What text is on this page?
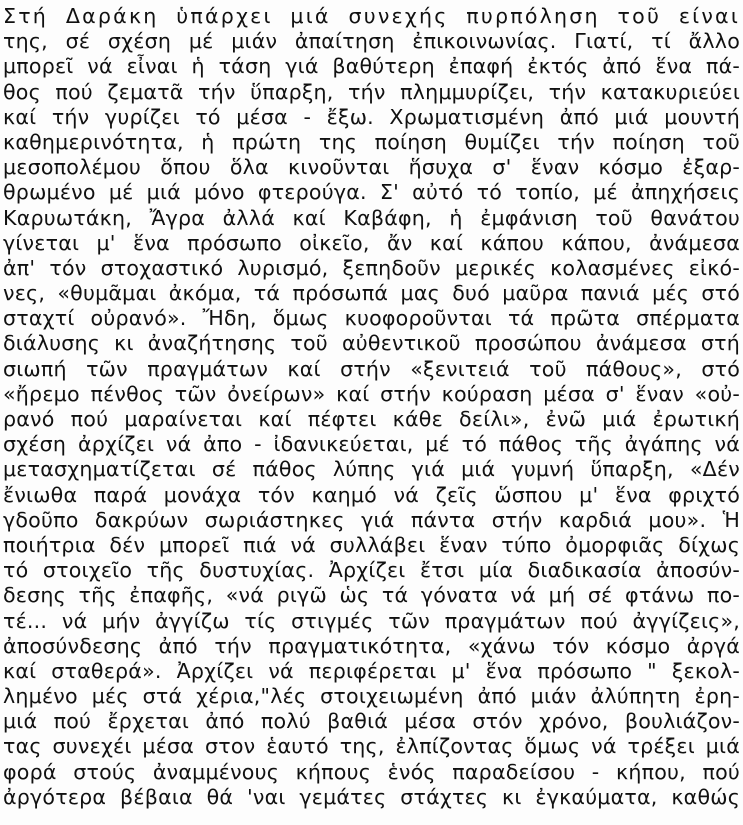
Στή Δαράκη ὑπάρχει μιά συνεχής πυρπόληση τοῦ είναι
της, σέ σχέση μέ μιάν ἀπαίτηση ἐπικοινωνίας. Γιατί, τί ἄλλο
μπορεῖ νά εἶναι ἡ τάση γιά βαθύτερη ἐπαφή ἐκτός ἀπό ἕνα πά-
θος πού ζεματᾶ τήν ὕπαρξη, τήν πλημμυρίζει, τήν κατακυριεύει
καί τήν γυρίζει τό μέσα - ἔξω. Χρωματισμένη ἀπό μιά μουντή
καθημερινότητα, ἡ πρώτη της ποίηση θυμίζει τήν ποίηση τοῦ
μεσοπολέμου ὅπου ὅλα κινοῦνται ἥσυχα σ' ἕναν κόσμο ἐξαρ-
θρωμένο μέ μιά μόνο φτερούγα. Σ' αὐτό τό τοπίο, μέ ἀπηχήσεις
Καρυωτάκη, Ἄγρα ἀλλά καί Καβάφη, ἡ ἐμφάνιση τοῦ θανάτου
γίνεται μ' ἕνα πρόσωπο οἰκεῖο, ἄν καί κάπου κάπου, ἀνάμεσα
ἀπ' τόν στοχαστικό λυρισμό, ξεπηδοῦν μερικές κολασμένες εἰκό-
νες, «θυμᾶμαι ἀκόμα, τά πρόσωπά μας δυό μαῦρα πανιά μές στό
σταχτί οὐρανό». Ἤδη, ὅμως κυοφοροῦνται τά πρῶτα σπέρματα
διάλυσης κι ἀναζήτησης τοῦ αὐθεντικοῦ προσώπου ἀνάμεσα στή
σιωπή τῶν πραγμάτων καί στήν «ξενιτειά τοῦ πάθους», στό
«ἤρεμο πένθος τῶν ὀνείρων» καί στήν κούραση μέσα σ' ἕναν «οὐ-
ρανό πού μαραίνεται καί πέφτει κάθε δείλι», ἐνῶ μιά ἐρωτική
σχέση ἀρχίζει νά ἀπο - ἰδανικεύεται, μέ τό πάθος τῆς ἀγάπης νά
μετασχηματίζεται σέ πάθος λύπης γιά μιά γυμνή ὕπαρξη, «Δέν
ἔνιωθα παρά μονάχα τόν καημό νά ζεῖς ὥσπου μ' ἕνα φριχτό
γδοῦπο δακρύων σωριάστηκες γιά πάντα στήν καρδιά μου». Ἡ
ποιήτρια δέν μπορεῖ πιά νά συλλάβει ἕναν τύπο ὀμορφιᾶς δίχως
τό στοιχεῖο τῆς δυστυχίας. Ἀρχίζει ἔτσι μία διαδικασία ἀποσύν-
δεσης τῆς ἐπαφῆς, «νά ριγῶ ὡς τά γόνατα νά μή σέ φτάνω πο-
τέ... νά μήν ἀγγίζω τίς στιγμές τῶν πραγμάτων πού ἀγγίζεις»,
ἀποσύνδεσης ἀπό τήν πραγματικότητα, «χάνω τόν κόσμο ἀργά
καί σταθερά». Ἀρχίζει νά περιφέρεται μ' ἕνα πρόσωπο " ξεκολ-
λημένο μές στά χέρια,"λές στοιχειωμένη ἀπό μιάν ἀλύπητη ἐρη-
μιά πού ἔρχεται ἀπό πολύ βαθιά μέσα στόν χρόνο, βουλιάζον-
τας συνεχέι μέσα στον ἑαυτό της, ἐλπίζοντας ὅμως νά τρέξει μιά
φορά στούς ἀναμμένους κήπους ἑνός παραδείσου - κήπου, πού
ἀργότερα βέβαια θά 'ναι γεμάτες στάχτες κι ἐγκαύματα, καθώς
